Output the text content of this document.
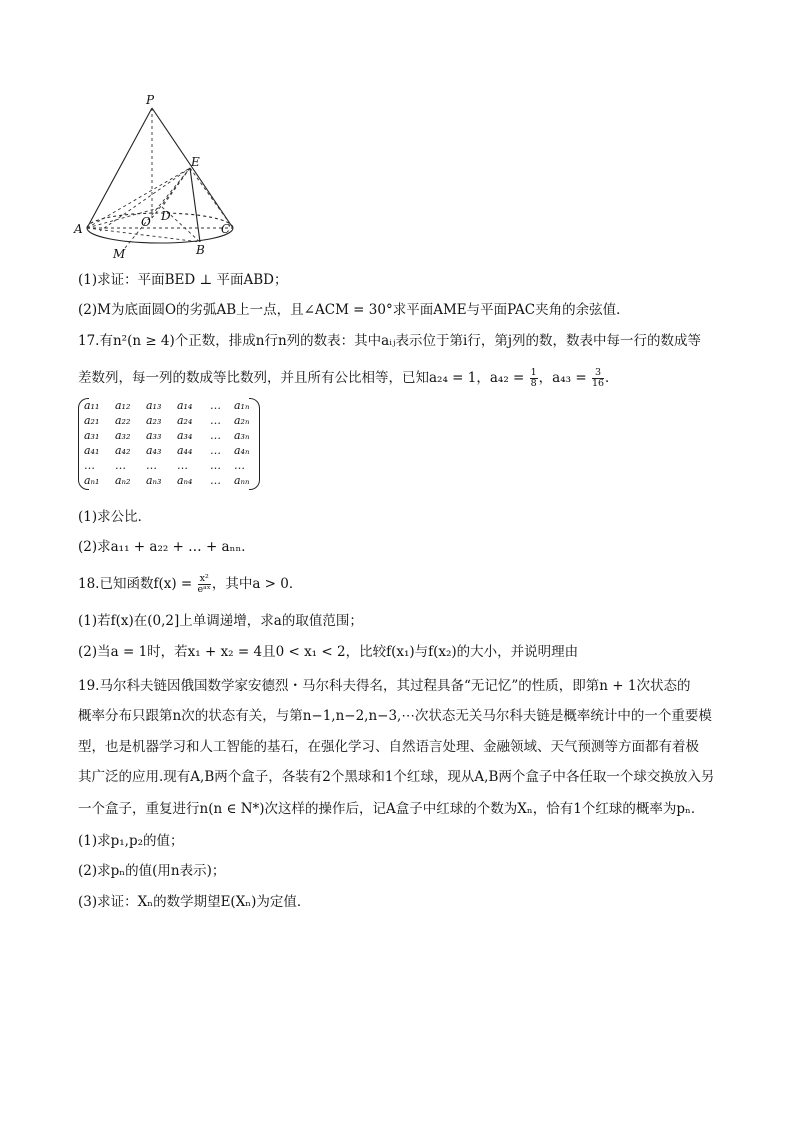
P
E
A	O D
C
B
M
(1)求证：平面BED ⊥ 平面ABD；
(2)M为底面圆O的劣弧AB上一点，且∠ACM = 30°求平面AME与平面PAC夹角的余弦值．
17.有n²(n ≥ 4)个正数，排成n行n列的数表：其中aᵢⱼ表示位于第i行，第j列的数，数表中每一行的数成等
差数列，每一列的数成等比数列，并且所有公比相等，已知a₂₄ = 1，$a_{42} = \frac{1}{8}$ ，$a_{43} = \frac{3}{16}$ ．
a₁₁	a₁₂	a₁₃	a₁₄	…	a₁ₙ
a₂₁	a₂₂	a₂₃	a₂₄	…	a₂ₙ
a₃₁	a₃₂	a₃₃	a₃₄	…	a₃ₙ
a₄₁	a₄₂	a₄₃	a₄₄	…	a₄ₙ
…	…	…	…	…	…
aₙ₁	aₙ₂	aₙ₃	aₙ₄	…	aₙₙ
(1)求公比．
(2)求a₁₁ + a₂₂ + … + aₙₙ．
18.已知函数$f(x) = \frac{\text{x²}}{\text{eᵃˣ}}$ ，其中a > 0．
(1)若f(x)在(0,2]上单调递增，求a的取值范围；
(2)当a = 1时，若x₁ + x₂ = 4且0 < x₁ < 2，比较f(x₁)与f(x₂)的大小，并说明理由
19.马尔科夫链因俄国数学家安德烈・马尔科夫得名，其过程具备“无记忆”的性质，即第n + 1次状态的
概率分布只跟第n次的状态有关，与第n−1,n−2,n−3,⋯次状态无关马尔科夫链是概率统计中的一个重要模
型，也是机器学习和人工智能的基石，在强化学习、自然语言处理、金融领域、天气预测等方面都有着极
其广泛的应用.现有A,B两个盒子，各装有2个黑球和1个红球，现从A,B两个盒子中各任取一个球交换放入另
一个盒子，重复进行n(n ∈ N*)次这样的操作后，记A盒子中红球的个数为Xₙ，恰有1个红球的概率为pₙ．
(1)求p₁,p₂的值；
(2)求pₙ的值(用n表示)；
(3)求证：Xₙ的数学期望E(Xₙ)为定值．
